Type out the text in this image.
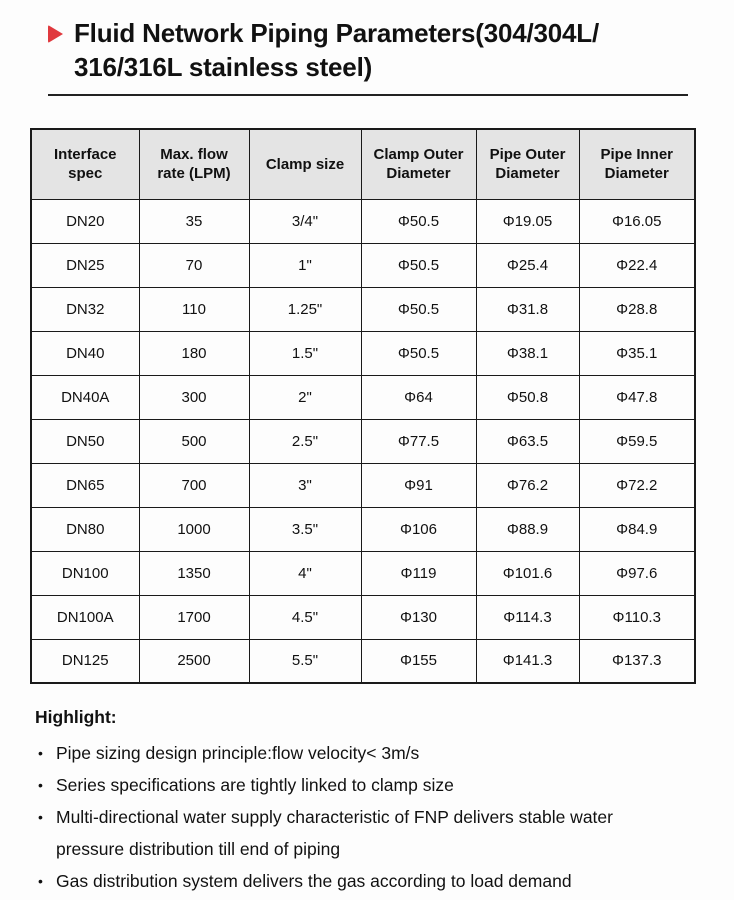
Fluid Network Piping Parameters(304/304L/
316/316L stainless steel)
Interface spec	Max. flow rate (LPM)	Clamp size	Clamp Outer Diameter	Pipe Outer Diameter	Pipe Inner Diameter
DN20	35	3/4"	Φ50.5	Φ19.05	Φ16.05
DN25	70	1"	Φ50.5	Φ25.4	Φ22.4
DN32	110	1.25"	Φ50.5	Φ31.8	Φ28.8
DN40	180	1.5"	Φ50.5	Φ38.1	Φ35.1
DN40A	300	2"	Φ64	Φ50.8	Φ47.8
DN50	500	2.5"	Φ77.5	Φ63.5	Φ59.5
DN65	700	3"	Φ91	Φ76.2	Φ72.2
DN80	1000	3.5"	Φ106	Φ88.9	Φ84.9
DN100	1350	4"	Φ119	Φ101.6	Φ97.6
DN100A	1700	4.5"	Φ130	Φ114.3	Φ110.3
DN125	2500	5.5"	Φ155	Φ141.3	Φ137.3
Highlight:
• Pipe sizing design principle:flow velocity< 3m/s
• Series specifications are tightly linked to clamp size
• Multi-directional water supply characteristic of FNP delivers stable water pressure distribution till end of piping
• Gas distribution system delivers the gas according to load demand
